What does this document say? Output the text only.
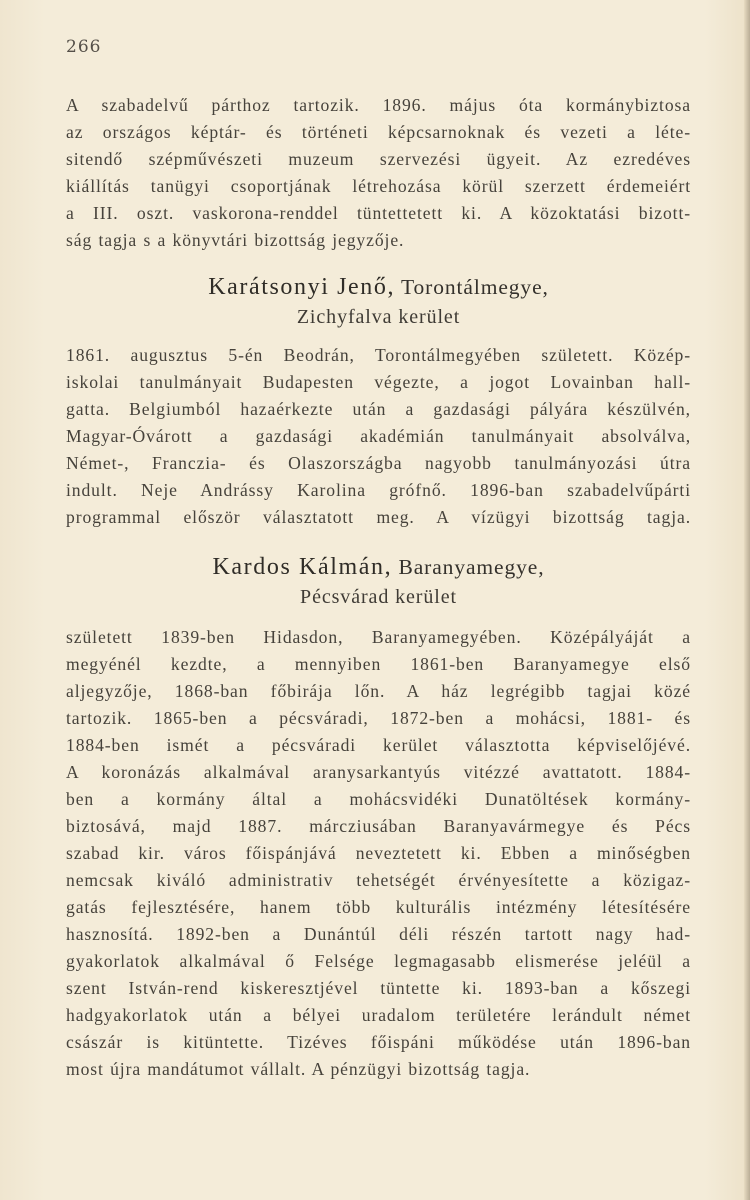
266

A szabadelvű párthoz tartozik. 1896. május óta kormánybiztosa
az országos képtár- és történeti képcsarnoknak és vezeti a léte-
sitendő szépművészeti muzeum szervezési ügyeit. Az ezredéves
kiállítás tanügyi csoportjának létrehozása körül szerzett érdemeiért
a III. oszt. vaskorona-renddel tüntettetett ki. A közoktatási bizott-
ság tagja s a könyvtári bizottság jegyzője.

Karátsonyi Jenő, Torontálmegye,
Zichyfalva kerület

1861. augusztus 5-én Beodrán, Torontálmegyében született. Közép-
iskolai tanulmányait Budapesten végezte, a jogot Lovainban hall-
gatta. Belgiumból hazaérkezte után a gazdasági pályára készülvén,
Magyar-Óvárott a gazdasági akadémián tanulmányait absolválva,
Német-, Franczia- és Olaszországba nagyobb tanulmányozási útra
indult. Neje Andrássy Karolina grófnő. 1896-ban szabadelvűpárti
programmal először választatott meg. A vízügyi bizottság tagja.

Kardos Kálmán, Baranyamegye,
Pécsvárad kerület

született 1839-ben Hidasdon, Baranyamegyében. Középályáját a
megyénél kezdte, a mennyiben 1861-ben Baranyamegye első
aljegyzője, 1868-ban főbirája lőn. A ház legrégibb tagjai közé
tartozik. 1865-ben a pécsváradi, 1872-ben a mohácsi, 1881- és
1884-ben ismét a pécsváradi kerület választotta képviselőjévé.
A koronázás alkalmával aranysarkantyús vitézzé avattatott. 1884-
ben a kormány által a mohácsvidéki Dunatöltések kormány-
biztosává, majd 1887. márcziusában Baranyavármegye és Pécs
szabad kir. város főispánjává neveztetett ki. Ebben a minőségben
nemcsak kiváló administrativ tehetségét érvényesítette a közigaz-
gatás fejlesztésére, hanem több kulturális intézmény létesítésére
hasznosítá. 1892-ben a Dunántúl déli részén tartott nagy had-
gyakorlatok alkalmával ő Felsége legmagasabb elismerése jeléül a
szent István-rend kiskeresztjével tüntette ki. 1893-ban a kőszegi
hadgyakorlatok után a bélyei uradalom területére lerándult német
császár is kitüntette. Tizéves főispáni működése után 1896-ban
most újra mandátumot vállalt. A pénzügyi bizottság tagja.
